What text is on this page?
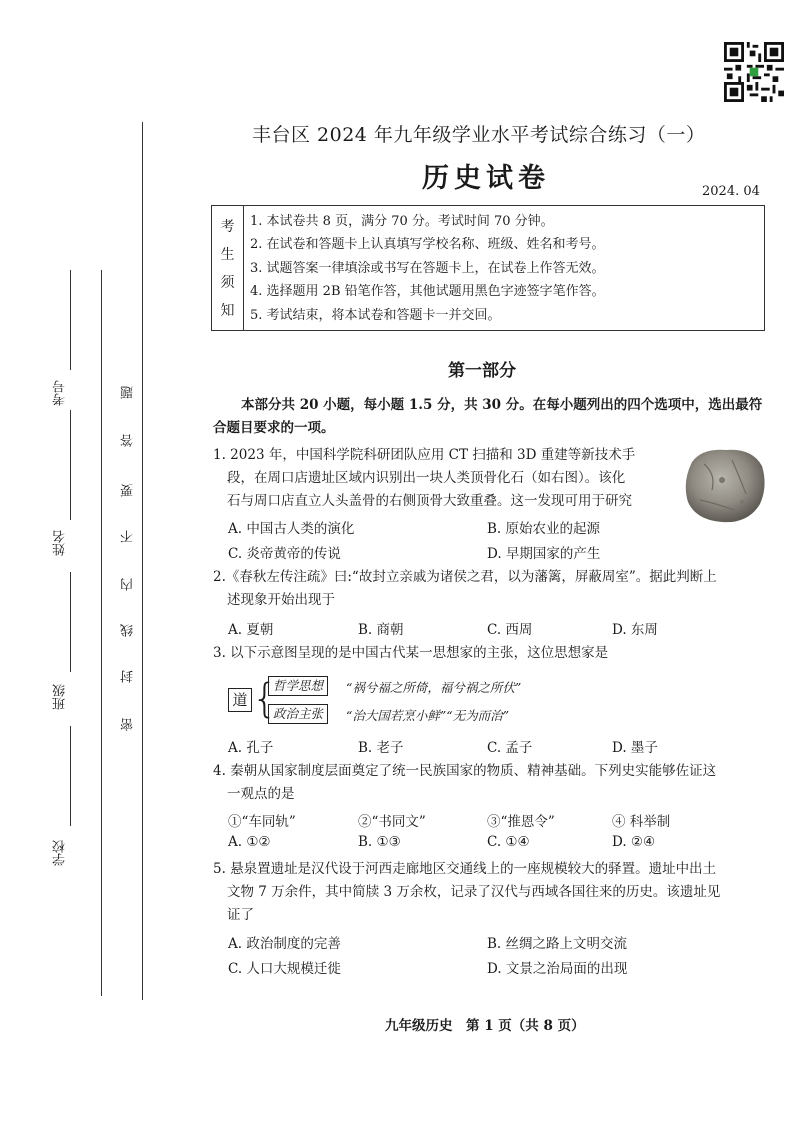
考号
姓名
班级
学校
题
答
要
不
内
线
封
密
丰台区 2024 年九年级学业水平考试综合练习（一）
历史试卷	2024. 04
考
生
须
知
1. 本试卷共 8 页，满分 70 分。考试时间 70 分钟。
2. 在试卷和答题卡上认真填写学校名称、班级、姓名和考号。
3. 试题答案一律填涂或书写在答题卡上，在试卷上作答无效。
4. 选择题用 2B 铅笔作答，其他试题用黑色字迹签字笔作答。
5. 考试结束，将本试卷和答题卡一并交回。
第一部分
本部分共 20 小题，每小题 1.5 分，共 30 分。在每小题列出的四个选项中，选出最符合题目要求的一项。
1. 2023 年，中国科学院科研团队应用 CT 扫描和 3D 重建等新技术手
段，在周口店遗址区域内识别出一块人类顶骨化石（如右图）。该化
石与周口店直立人头盖骨的右侧顶骨大致重叠。这一发现可用于研究
A. 中国古人类的演化	B. 原始农业的起源
C. 炎帝黄帝的传说	D. 早期国家的产生
2.《春秋左传注疏》曰:“故封立亲戚为诸侯之君，以为藩篱，屏蔽周室”。据此判断上
述现象开始出现于
A. 夏朝	B. 商朝	C. 西周	D. 东周
3. 以下示意图呈现的是中国古代某一思想家的主张，这位思想家是
道 {
哲学思想	“祸兮福之所倚，福兮祸之所伏”
政治主张	“治大国若烹小鲜”“无为而治”
A. 孔子	B. 老子	C. 孟子	D. 墨子
4. 秦朝从国家制度层面奠定了统一民族国家的物质、精神基础。下列史实能够佐证这
一观点的是
①“车同轨”	②“书同文”	③“推恩令”	④ 科举制
A. ①②	B. ①③	C. ①④	D. ②④
5. 悬泉置遗址是汉代设于河西走廊地区交通线上的一座规模较大的驿置。遗址中出土
文物 7 万余件，其中简牍 3 万余枚，记录了汉代与西域各国往来的历史。该遗址见
证了
A. 政治制度的完善	B. 丝绸之路上文明交流
C. 人口大规模迁徙	D. 文景之治局面的出现
九年级历史　第 1 页（共 8 页）
